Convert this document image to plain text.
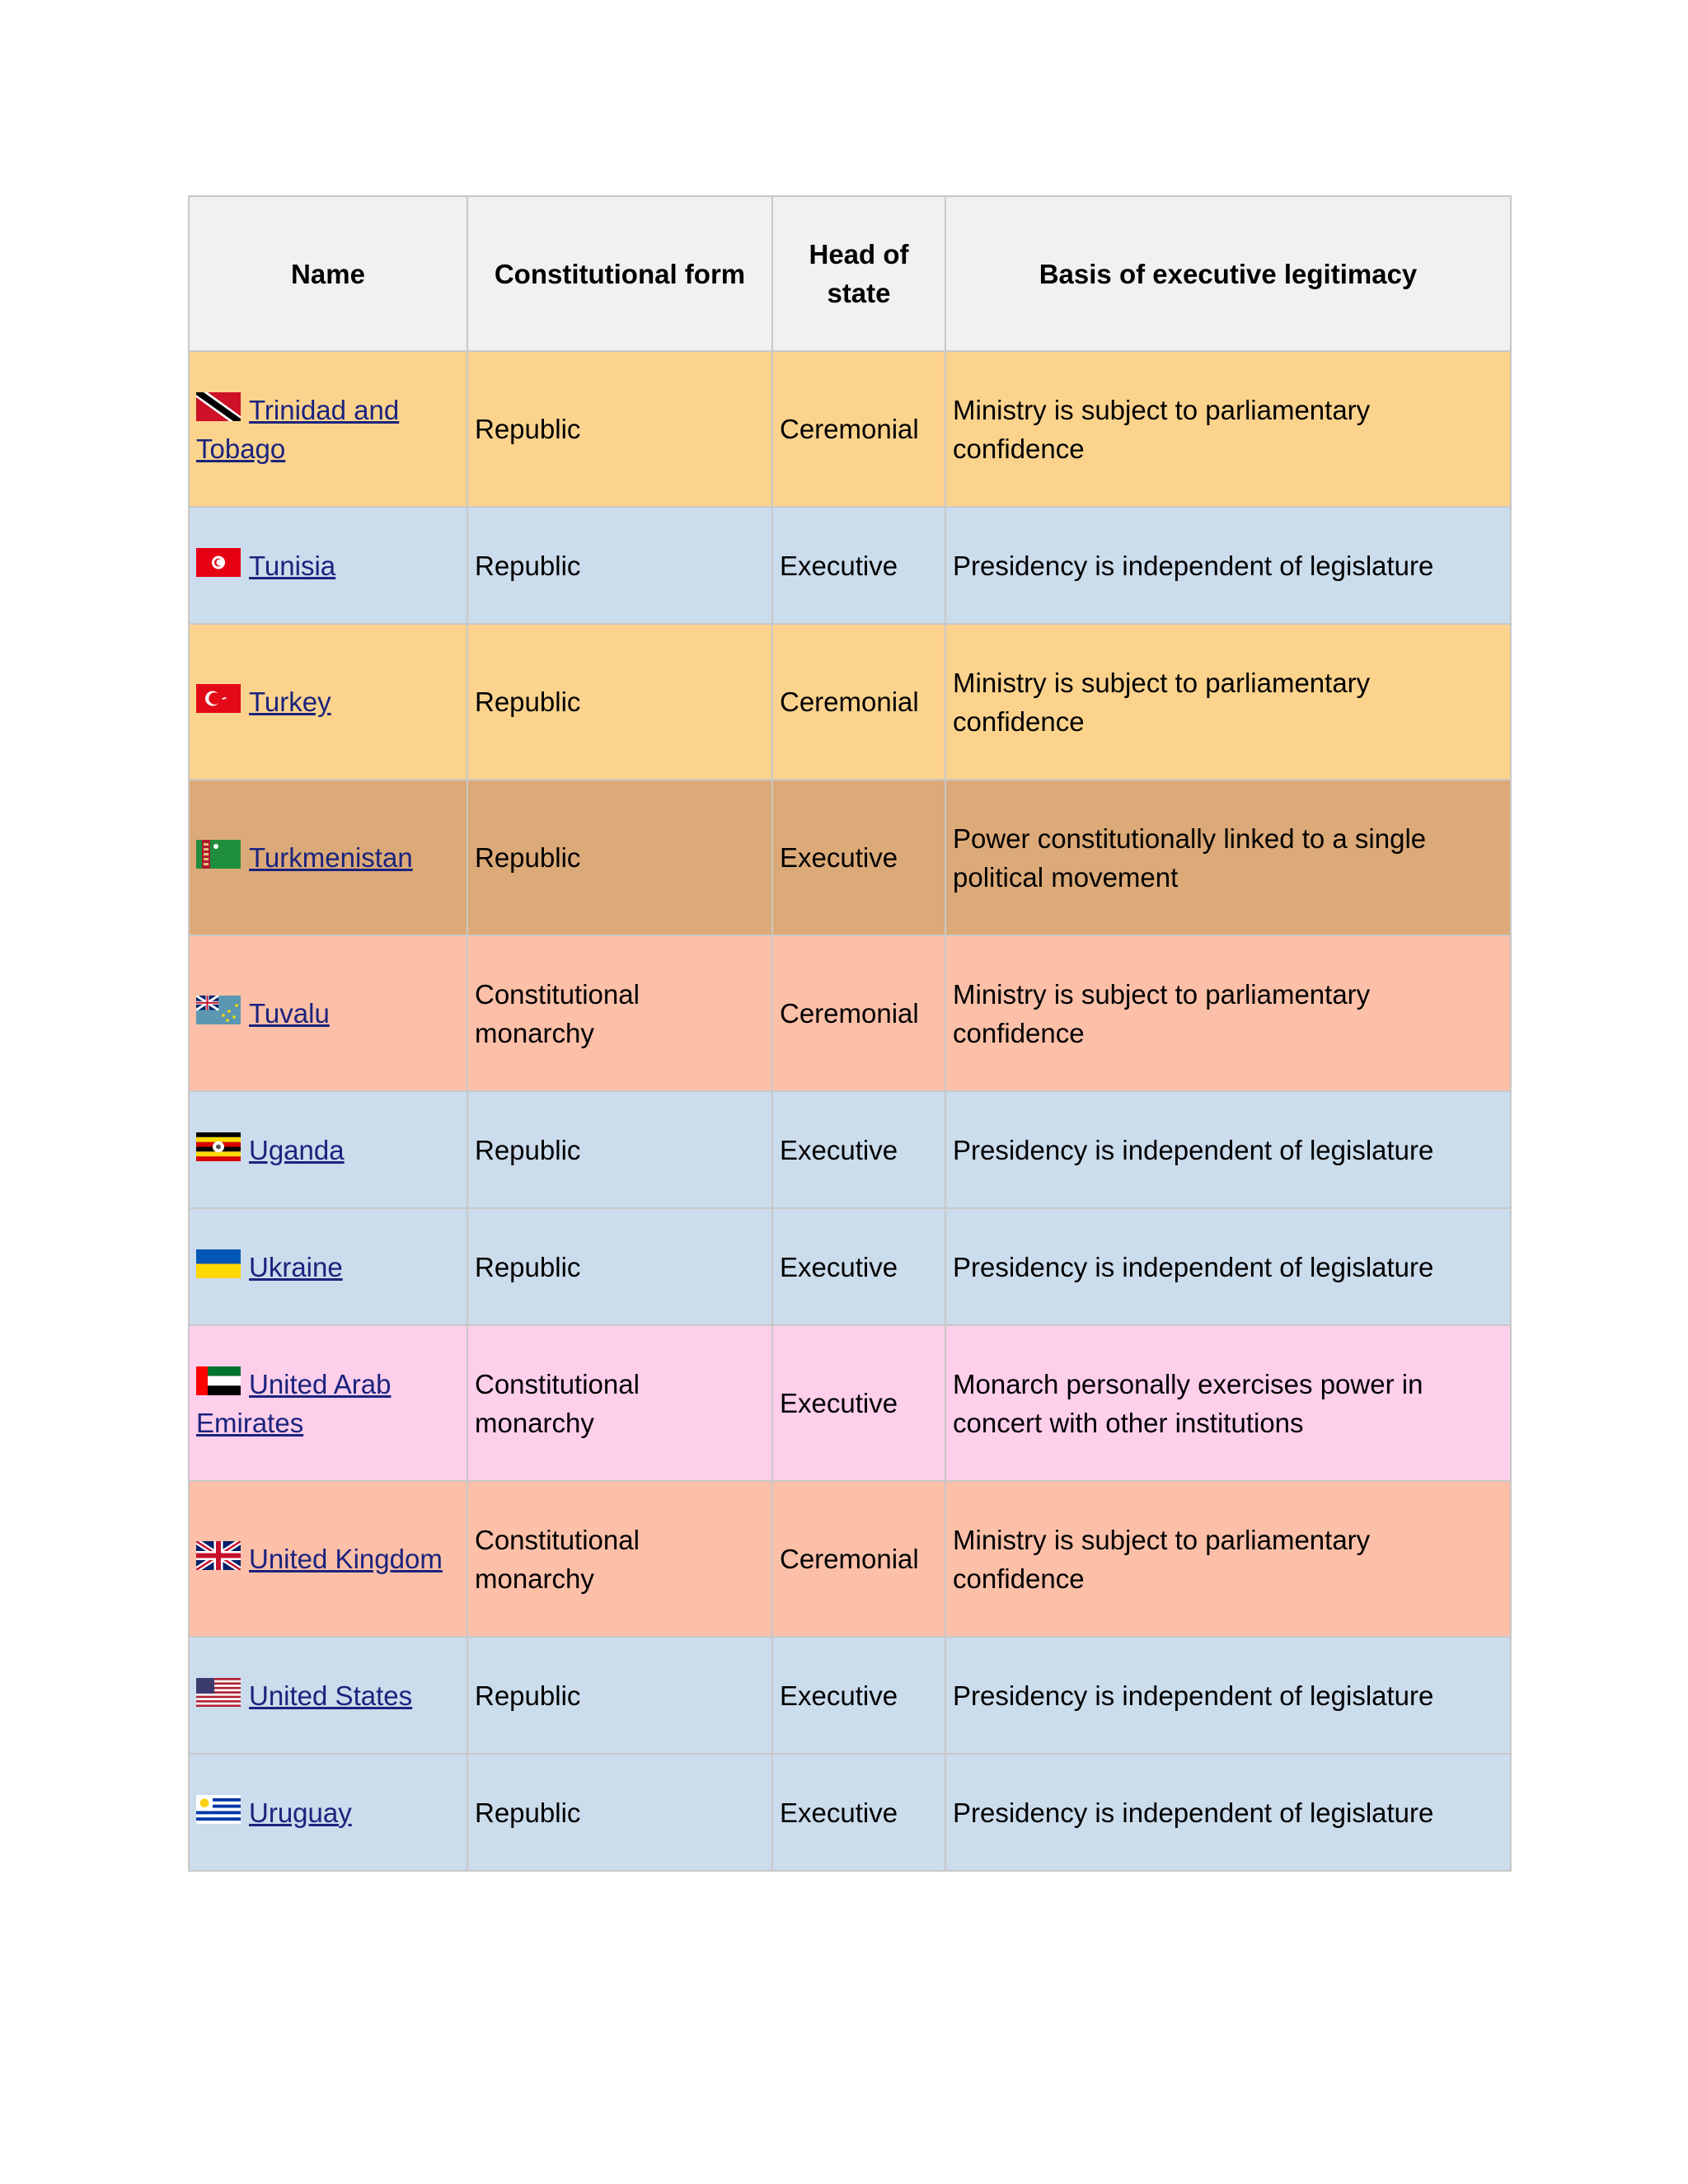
Name	Constitutional form	Head of state	Basis of executive legitimacy

Trinidad and Tobago	Republic	Ceremonial	Ministry is subject to parliamentary confidence

Tunisia	Republic	Executive	Presidency is independent of legislature

Turkey	Republic	Ceremonial	Ministry is subject to parliamentary confidence

Turkmenistan	Republic	Executive	Power constitutionally linked to a single political movement

Tuvalu	Constitutional monarchy	Ceremonial	Ministry is subject to parliamentary confidence

Uganda	Republic	Executive	Presidency is independent of legislature

Ukraine	Republic	Executive	Presidency is independent of legislature

United Arab Emirates	Constitutional monarchy	Executive	Monarch personally exercises power in concert with other institutions

United Kingdom	Constitutional monarchy	Ceremonial	Ministry is subject to parliamentary confidence

United States	Republic	Executive	Presidency is independent of legislature

Uruguay	Republic	Executive	Presidency is independent of legislature
